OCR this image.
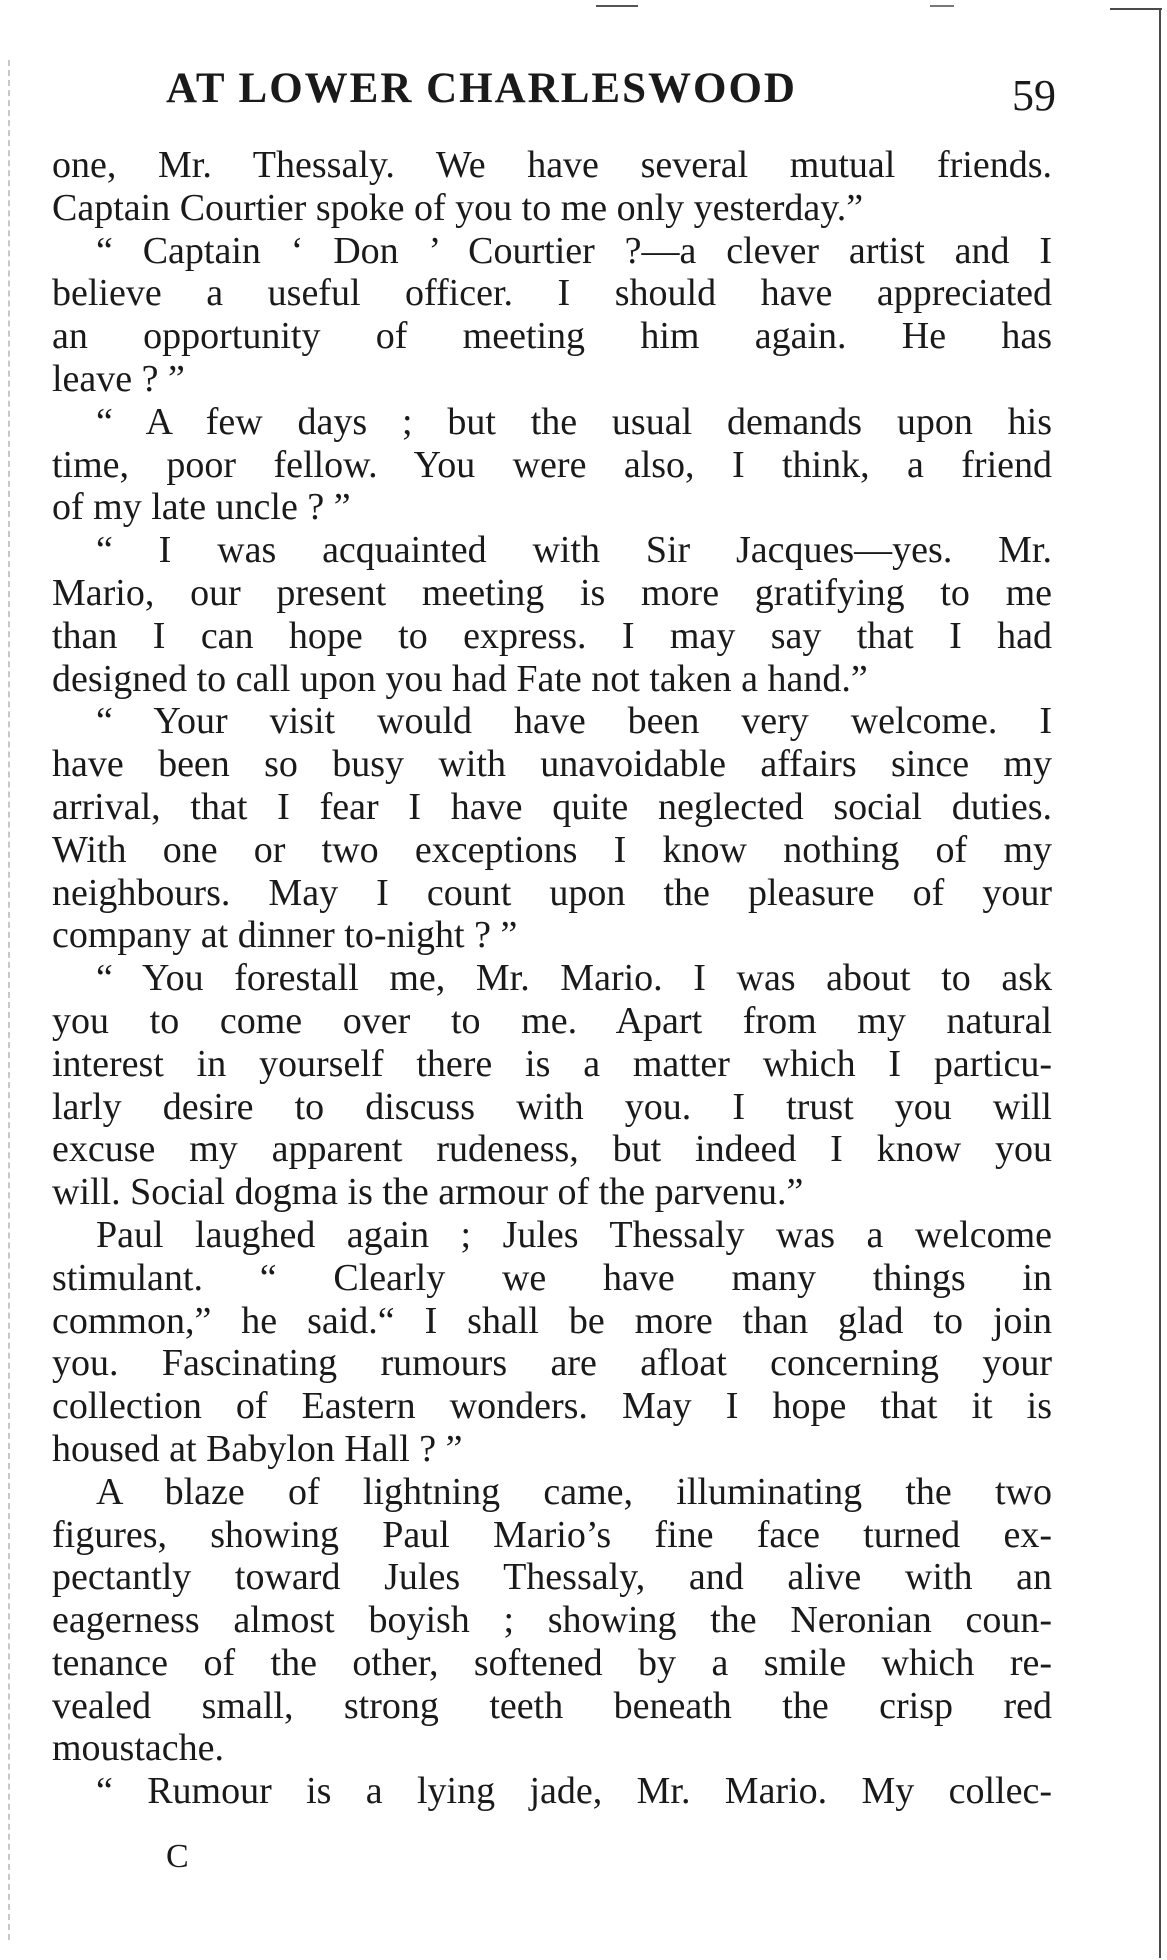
AT LOWER CHARLESWOOD	59
one, Mr. Thessaly. We have several mutual friends.
Captain Courtier spoke of you to me only yesterday.”
“ Captain ‘ Don ’ Courtier ?—a clever artist and I
believe a useful officer. I should have appreciated
an opportunity of meeting him again. He has
leave ? ”
“ A few days ; but the usual demands upon his
time, poor fellow. You were also, I think, a friend
of my late uncle ? ”
“ I was acquainted with Sir Jacques—yes. Mr.
Mario, our present meeting is more gratifying to me
than I can hope to express. I may say that I had
designed to call upon you had Fate not taken a hand.”
“ Your visit would have been very welcome. I
have been so busy with unavoidable affairs since my
arrival, that I fear I have quite neglected social duties.
With one or two exceptions I know nothing of my
neighbours. May I count upon the pleasure of your
company at dinner to-night ? ”
“ You forestall me, Mr. Mario. I was about to ask
you to come over to me. Apart from my natural
interest in yourself there is a matter which I particu-
larly desire to discuss with you. I trust you will
excuse my apparent rudeness, but indeed I know you
will. Social dogma is the armour of the parvenu.”
Paul laughed again ; Jules Thessaly was a welcome
stimulant. “ Clearly we have many things in
common,” he said.“ I shall be more than glad to join
you. Fascinating rumours are afloat concerning your
collection of Eastern wonders. May I hope that it is
housed at Babylon Hall ? ”
A blaze of lightning came, illuminating the two
figures, showing Paul Mario’s fine face turned ex-
pectantly toward Jules Thessaly, and alive with an
eagerness almost boyish ; showing the Neronian coun-
tenance of the other, softened by a smile which re-
vealed small, strong teeth beneath the crisp red
moustache.
“ Rumour is a lying jade, Mr. Mario. My collec-
C
